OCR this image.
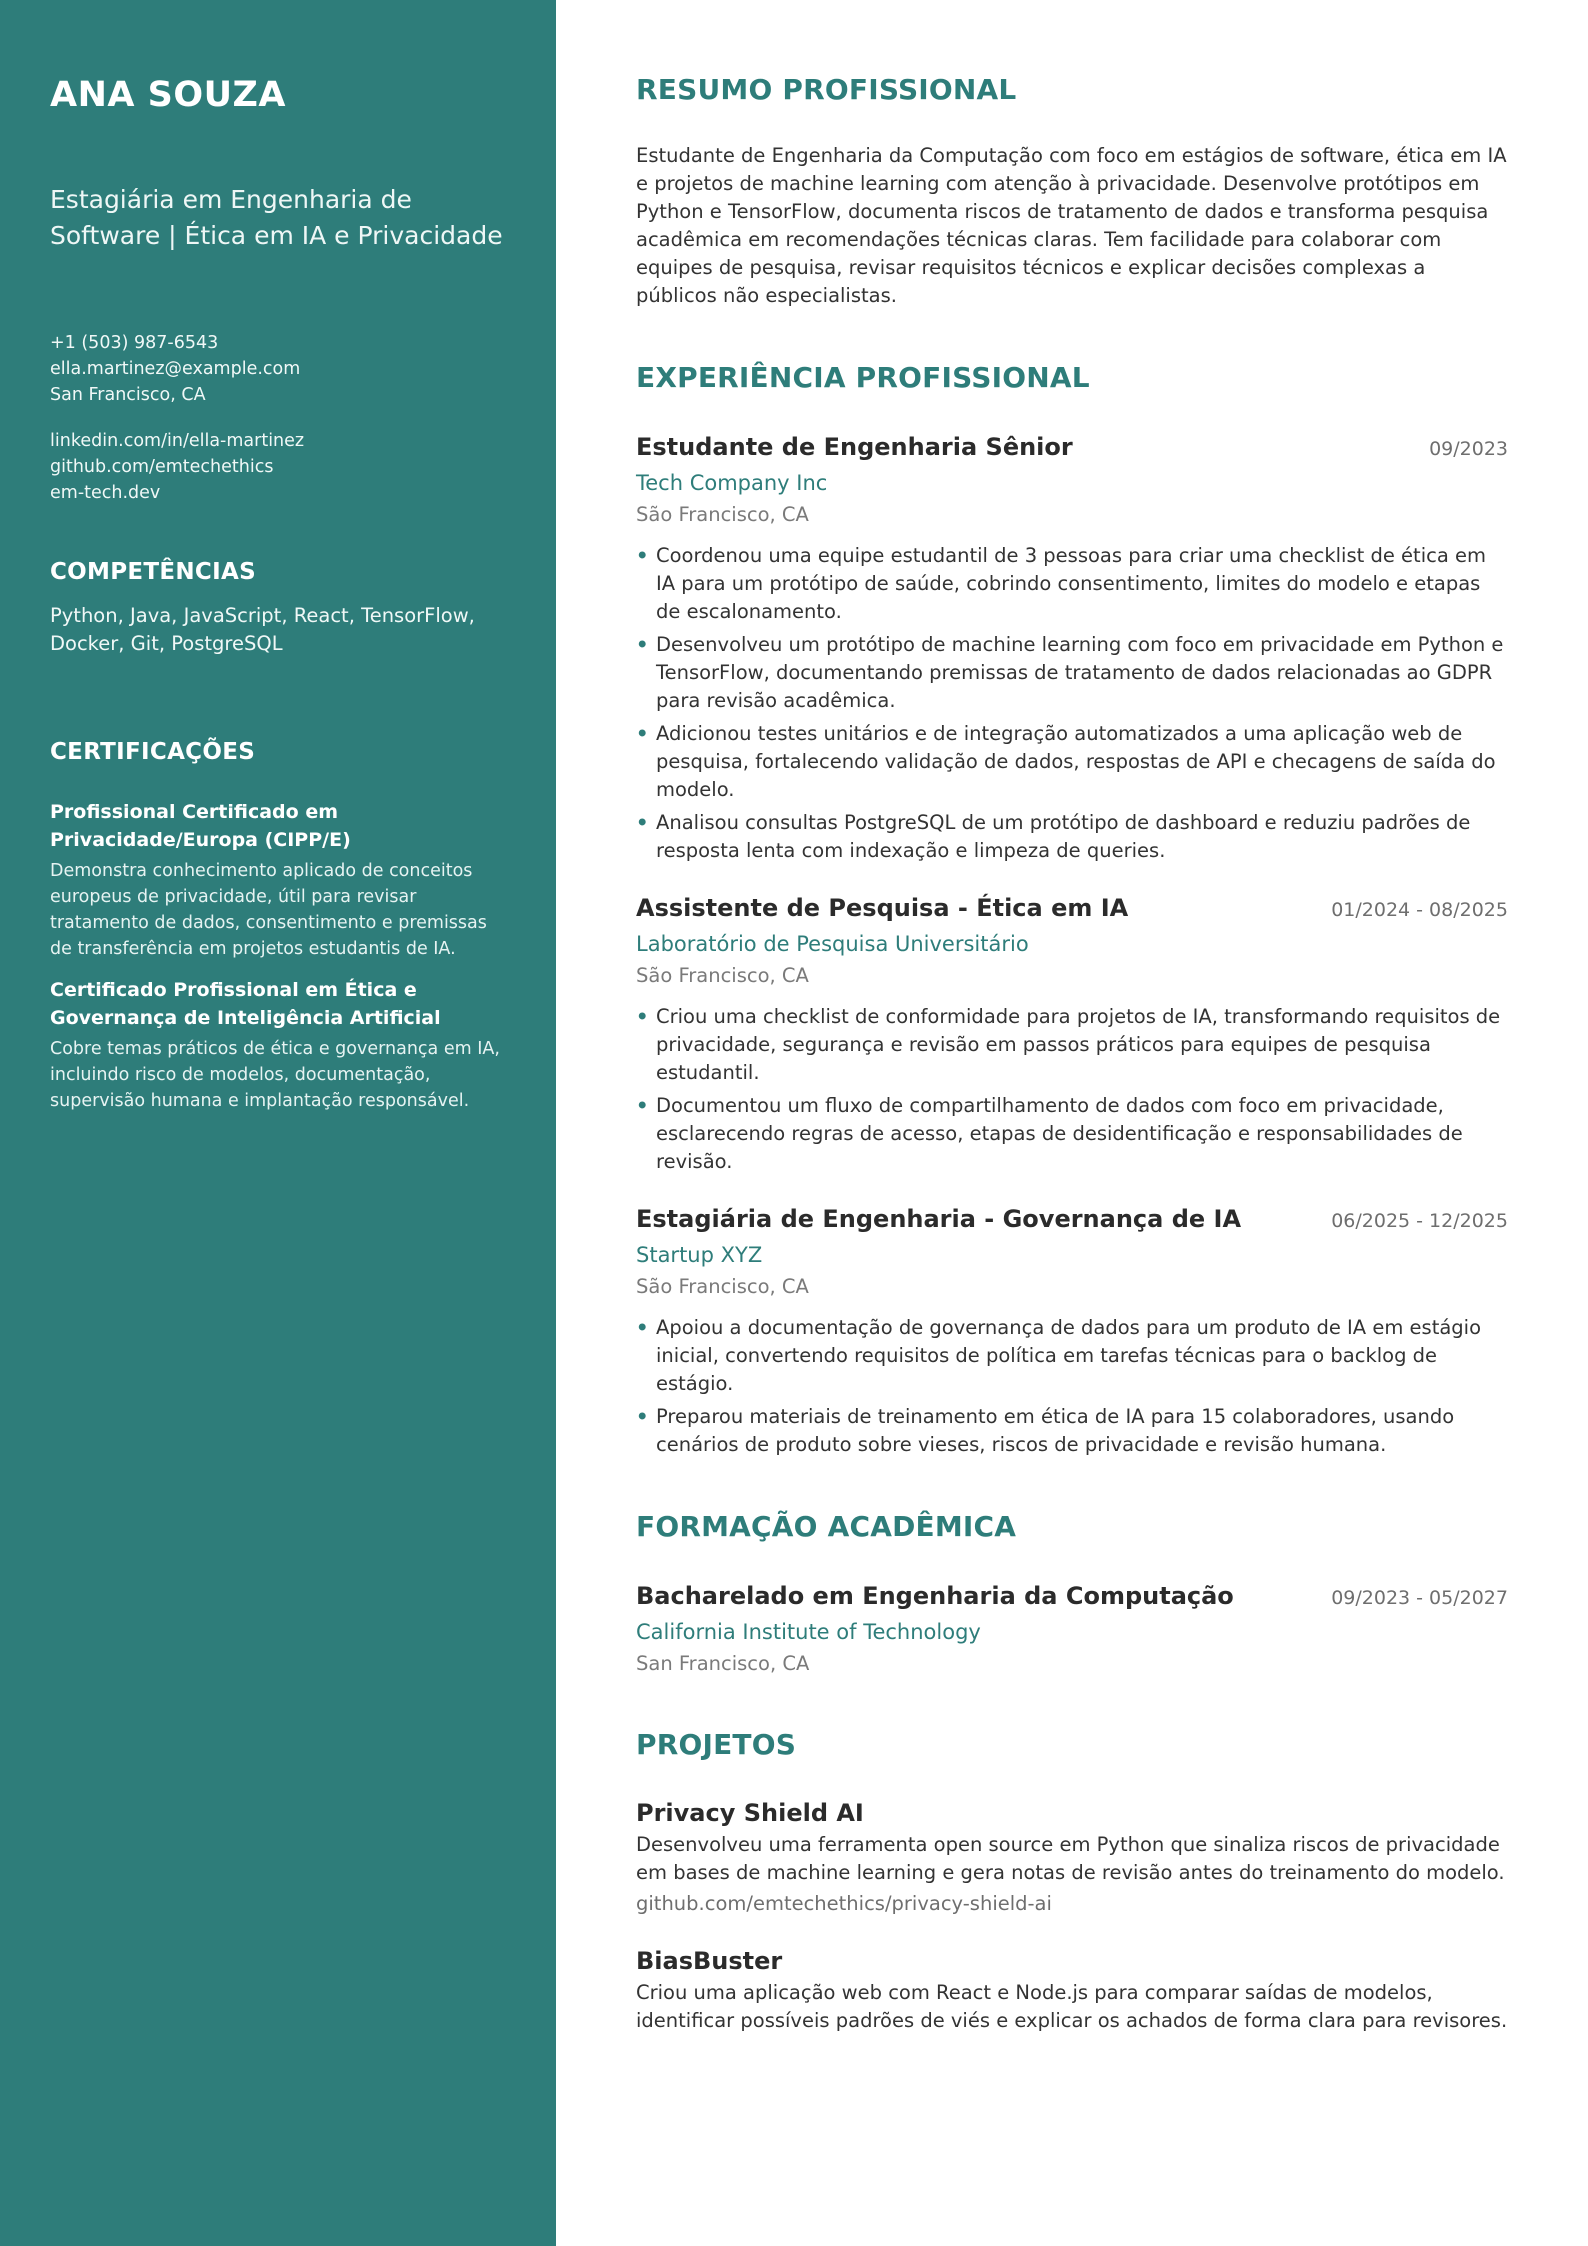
ANA SOUZA
Estagiária em Engenharia de Software | Ética em IA e Privacidade
+1 (503) 987-6543
ella.martinez@example.com
San Francisco, CA
linkedin.com/in/ella-martinez
github.com/emtechethics
em-tech.dev
COMPETÊNCIAS
Python, Java, JavaScript, React, TensorFlow, Docker, Git, PostgreSQL
CERTIFICAÇÕES
Profissional Certificado em Privacidade/Europa (CIPP/E)
Demonstra conhecimento aplicado de conceitos europeus de privacidade, útil para revisar tratamento de dados, consentimento e premissas de transferência em projetos estudantis de IA.
Certificado Profissional em Ética e Governança de Inteligência Artificial
Cobre temas práticos de ética e governança em IA, incluindo risco de modelos, documentação, supervisão humana e implantação responsável.
RESUMO PROFISSIONAL

Estudante de Engenharia da Computação com foco em estágios de software, ética em IA e projetos de machine learning com atenção à privacidade. Desenvolve protótipos em Python e TensorFlow, documenta riscos de tratamento de dados e transforma pesquisa acadêmica em recomendações técnicas claras. Tem facilidade para colaborar com equipes de pesquisa, revisar requisitos técnicos e explicar decisões complexas a públicos não especialistas.

EXPERIÊNCIA PROFISSIONAL
Estudante de Engenharia Sênior	09/2023
Tech Company Inc
São Francisco, CA
• Coordenou uma equipe estudantil de 3 pessoas para criar uma checklist de ética em IA para um protótipo de saúde, cobrindo consentimento, limites do modelo e etapas de escalonamento.
• Desenvolveu um protótipo de machine learning com foco em privacidade em Python e TensorFlow, documentando premissas de tratamento de dados relacionadas ao GDPR para revisão acadêmica.
• Adicionou testes unitários e de integração automatizados a uma aplicação web de pesquisa, fortalecendo validação de dados, respostas de API e checagens de saída do modelo.
• Analisou consultas PostgreSQL de um protótipo de dashboard e reduziu padrões de resposta lenta com indexação e limpeza de queries.
Assistente de Pesquisa - Ética em IA	01/2024 - 08/2025
Laboratório de Pesquisa Universitário
São Francisco, CA
• Criou uma checklist de conformidade para projetos de IA, transformando requisitos de privacidade, segurança e revisão em passos práticos para equipes de pesquisa estudantil.
• Documentou um fluxo de compartilhamento de dados com foco em privacidade, esclarecendo regras de acesso, etapas de desidentificação e responsabilidades de revisão.
Estagiária de Engenharia - Governança de IA	06/2025 - 12/2025
Startup XYZ
São Francisco, CA
• Apoiou a documentação de governança de dados para um produto de IA em estágio inicial, convertendo requisitos de política em tarefas técnicas para o backlog de estágio.
• Preparou materiais de treinamento em ética de IA para 15 colaboradores, usando cenários de produto sobre vieses, riscos de privacidade e revisão humana.
FORMAÇÃO ACADÊMICA
Bacharelado em Engenharia da Computação	09/2023 - 05/2027
California Institute of Technology
San Francisco, CA
PROJETOS
Privacy Shield AI
Desenvolveu uma ferramenta open source em Python que sinaliza riscos de privacidade em bases de machine learning e gera notas de revisão antes do treinamento do modelo.
github.com/emtechethics/privacy-shield-ai
BiasBuster
Criou uma aplicação web com React e Node.js para comparar saídas de modelos, identificar possíveis padrões de viés e explicar os achados de forma clara para revisores.
